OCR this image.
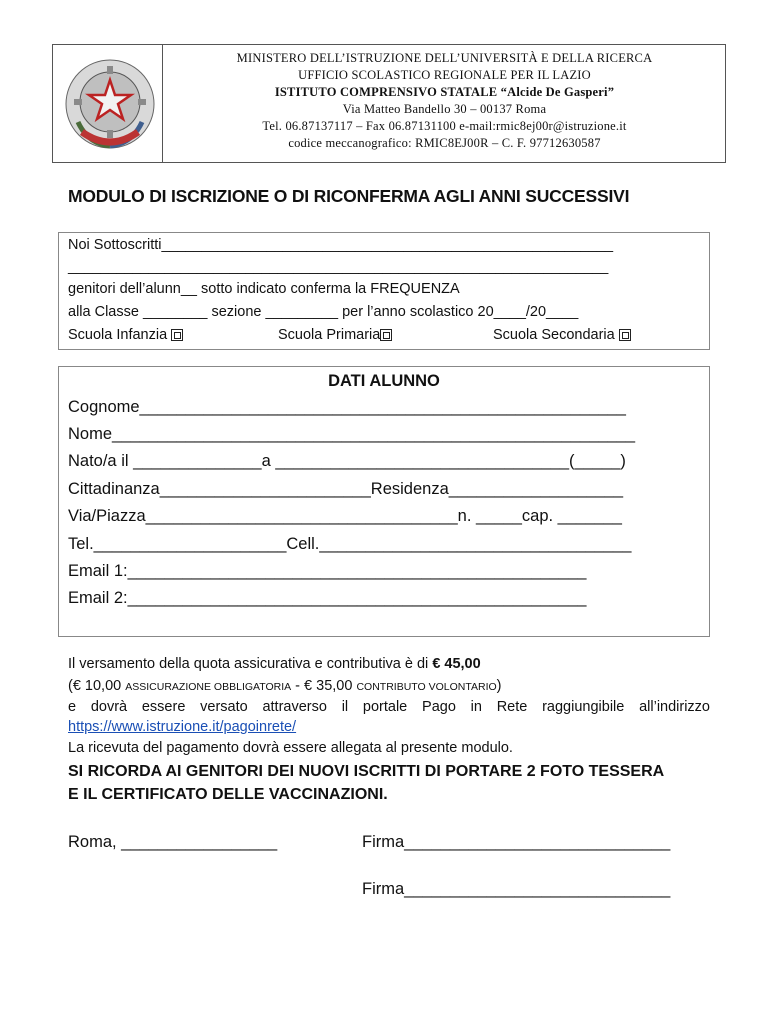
MINISTERO DELL’ISTRUZIONE DELL’UNIVERSITÀ E DELLA RICERCA
UFFICIO SCOLASTICO REGIONALE PER IL LAZIO
ISTITUTO COMPRENSIVO STATALE “Alcide De Gasperi”
Via Matteo Bandello 30 – 00137 Roma
Tel. 06.87137117 – Fax 06.87131100 e-mail:rmic8ej00r@istruzione.it
codice meccanografico: RMIC8EJ00R – C. F. 97712630587
MODULO DI ISCRIZIONE O DI RICONFERMA AGLI ANNI SUCCESSIVI
Noi Sottoscritti________________________________________________________
___________________________________________________________________
genitori dell’alunn__ sotto indicato conferma la FREQUENZA
alla Classe ________ sezione _________ per l’anno scolastico 20____/20____
Scuola Infanzia	Scuola Primaria	Scuola Secondaria
DATI ALUNNO
Cognome_____________________________________________________
Nome_________________________________________________________
Nato/a il ______________a ________________________________(_____)
Cittadinanza_______________________Residenza___________________
Via/Piazza__________________________________n. _____cap. _______
Tel._____________________Cell.__________________________________
Email 1:__________________________________________________
Email 2:__________________________________________________
Il versamento della quota assicurativa e contributiva è di € 45,00
(€ 10,00 ASSICURAZIONE OBBLIGATORIA - € 35,00 CONTRIBUTO VOLONTARIO)
e dovrà essere versato attraverso il portale Pago in Rete raggiungibile all’indirizzo
https://www.istruzione.it/pagoinrete/
La ricevuta del pagamento dovrà essere allegata al presente modulo.
SI RICORDA AI GENITORI DEI NUOVI ISCRITTI DI PORTARE 2 FOTO TESSERA
E IL CERTIFICATO DELLE VACCINAZIONI.
Roma, _________________	Firma_____________________________
Firma_____________________________
